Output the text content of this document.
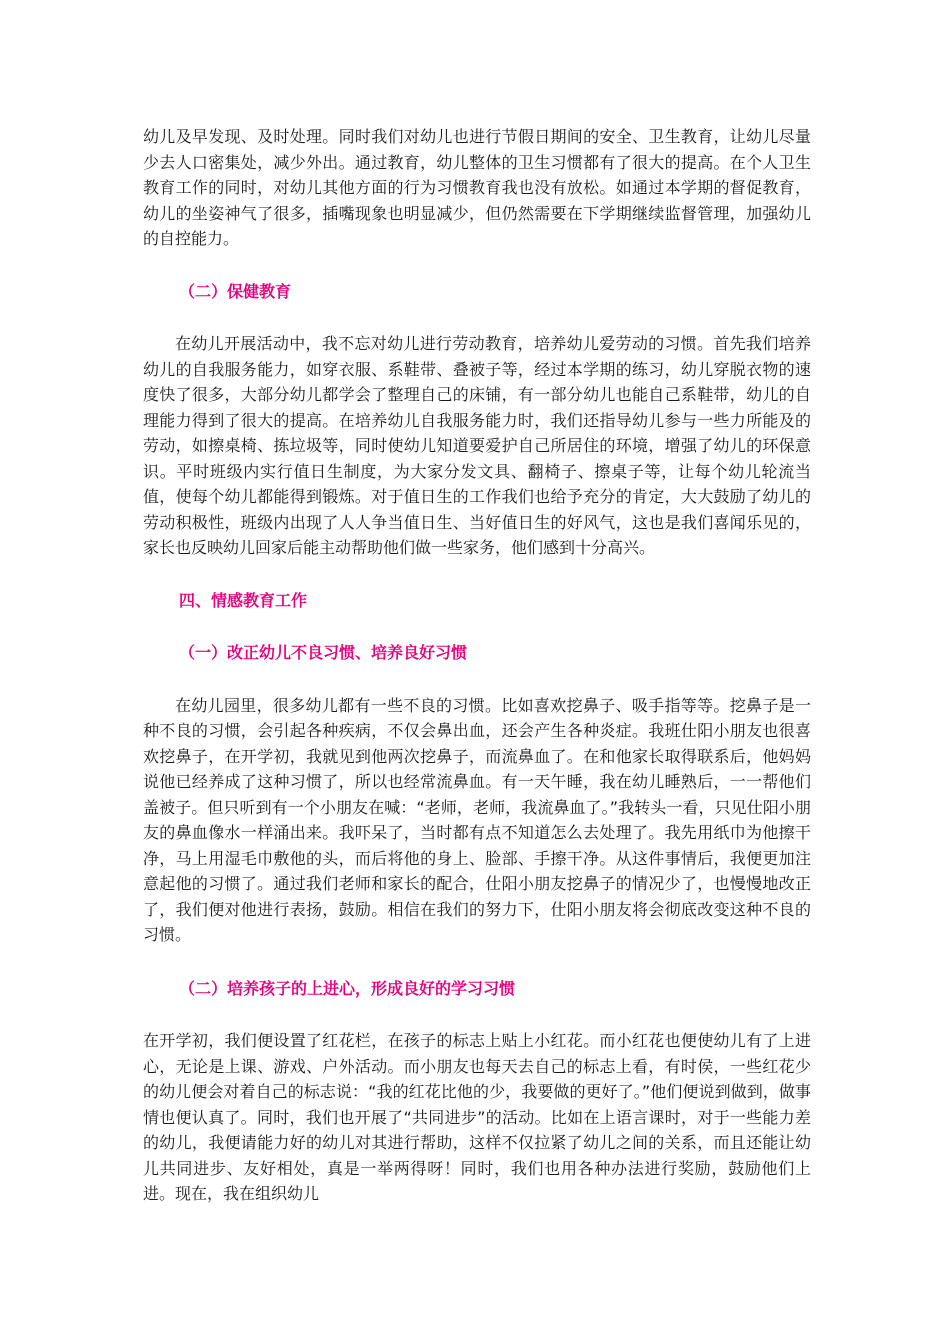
幼儿及早发现、及时处理。同时我们对幼儿也进行节假日期间的安全、卫生教育，让幼儿尽量少去人口密集处，减少外出。通过教育，幼儿整体的卫生习惯都有了很大的提高。在个人卫生教育工作的同时，对幼儿其他方面的行为习惯教育我也没有放松。如通过本学期的督促教育，幼儿的坐姿神气了很多，插嘴现象也明显减少，但仍然需要在下学期继续监督管理，加强幼儿的自控能力。

（二）保健教育

在幼儿开展活动中，我不忘对幼儿进行劳动教育，培养幼儿爱劳动的习惯。首先我们培养幼儿的自我服务能力，如穿衣服、系鞋带、叠被子等，经过本学期的练习，幼儿穿脱衣物的速度快了很多，大部分幼儿都学会了整理自己的床铺，有一部分幼儿也能自己系鞋带，幼儿的自理能力得到了很大的提高。在培养幼儿自我服务能力时，我们还指导幼儿参与一些力所能及的劳动，如擦桌椅、拣垃圾等，同时使幼儿知道要爱护自己所居住的环境，增强了幼儿的环保意识。平时班级内实行值日生制度，为大家分发文具、翻椅子、擦桌子等，让每个幼儿轮流当值，使每个幼儿都能得到锻炼。对于值日生的工作我们也给予充分的肯定，大大鼓励了幼儿的劳动积极性，班级内出现了人人争当值日生、当好值日生的好风气，这也是我们喜闻乐见的，家长也反映幼儿回家后能主动帮助他们做一些家务，他们感到十分高兴。

四、情感教育工作
（一）改正幼儿不良习惯、培养良好习惯

在幼儿园里，很多幼儿都有一些不良的习惯。比如喜欢挖鼻子、吸手指等等。挖鼻子是一种不良的习惯，会引起各种疾病，不仅会鼻出血，还会产生各种炎症。我班仕阳小朋友也很喜欢挖鼻子，在开学初，我就见到他两次挖鼻子，而流鼻血了。在和他家长取得联系后，他妈妈说他已经养成了这种习惯了，所以也经常流鼻血。有一天午睡，我在幼儿睡熟后，一一帮他们盖被子。但只听到有一个小朋友在喊：“老师，老师，我流鼻血了。”我转头一看，只见仕阳小朋友的鼻血像水一样涌出来。我吓呆了，当时都有点不知道怎么去处理了。我先用纸巾为他擦干净，马上用湿毛巾敷他的头，而后将他的身上、脸部、手擦干净。从这件事情后，我便更加注意起他的习惯了。通过我们老师和家长的配合，仕阳小朋友挖鼻子的情况少了，也慢慢地改正了，我们便对他进行表扬，鼓励。相信在我们的努力下，仕阳小朋友将会彻底改变这种不良的习惯。

（二）培养孩子的上进心，形成良好的学习习惯

在开学初，我们便设置了红花栏，在孩子的标志上贴上小红花。而小红花也便使幼儿有了上进心，无论是上课、游戏、户外活动。而小朋友也每天去自己的标志上看，有时侯，一些红花少的幼儿便会对着自己的标志说：“我的红花比他的少，我要做的更好了。”他们便说到做到，做事情也便认真了。同时，我们也开展了“共同进步”的活动。比如在上语言课时，对于一些能力差的幼儿，我便请能力好的幼儿对其进行帮助，这样不仅拉紧了幼儿之间的关系，而且还能让幼儿共同进步、友好相处，真是一举两得呀！同时，我们也用各种办法进行奖励，鼓励他们上进。现在，我在组织幼儿
